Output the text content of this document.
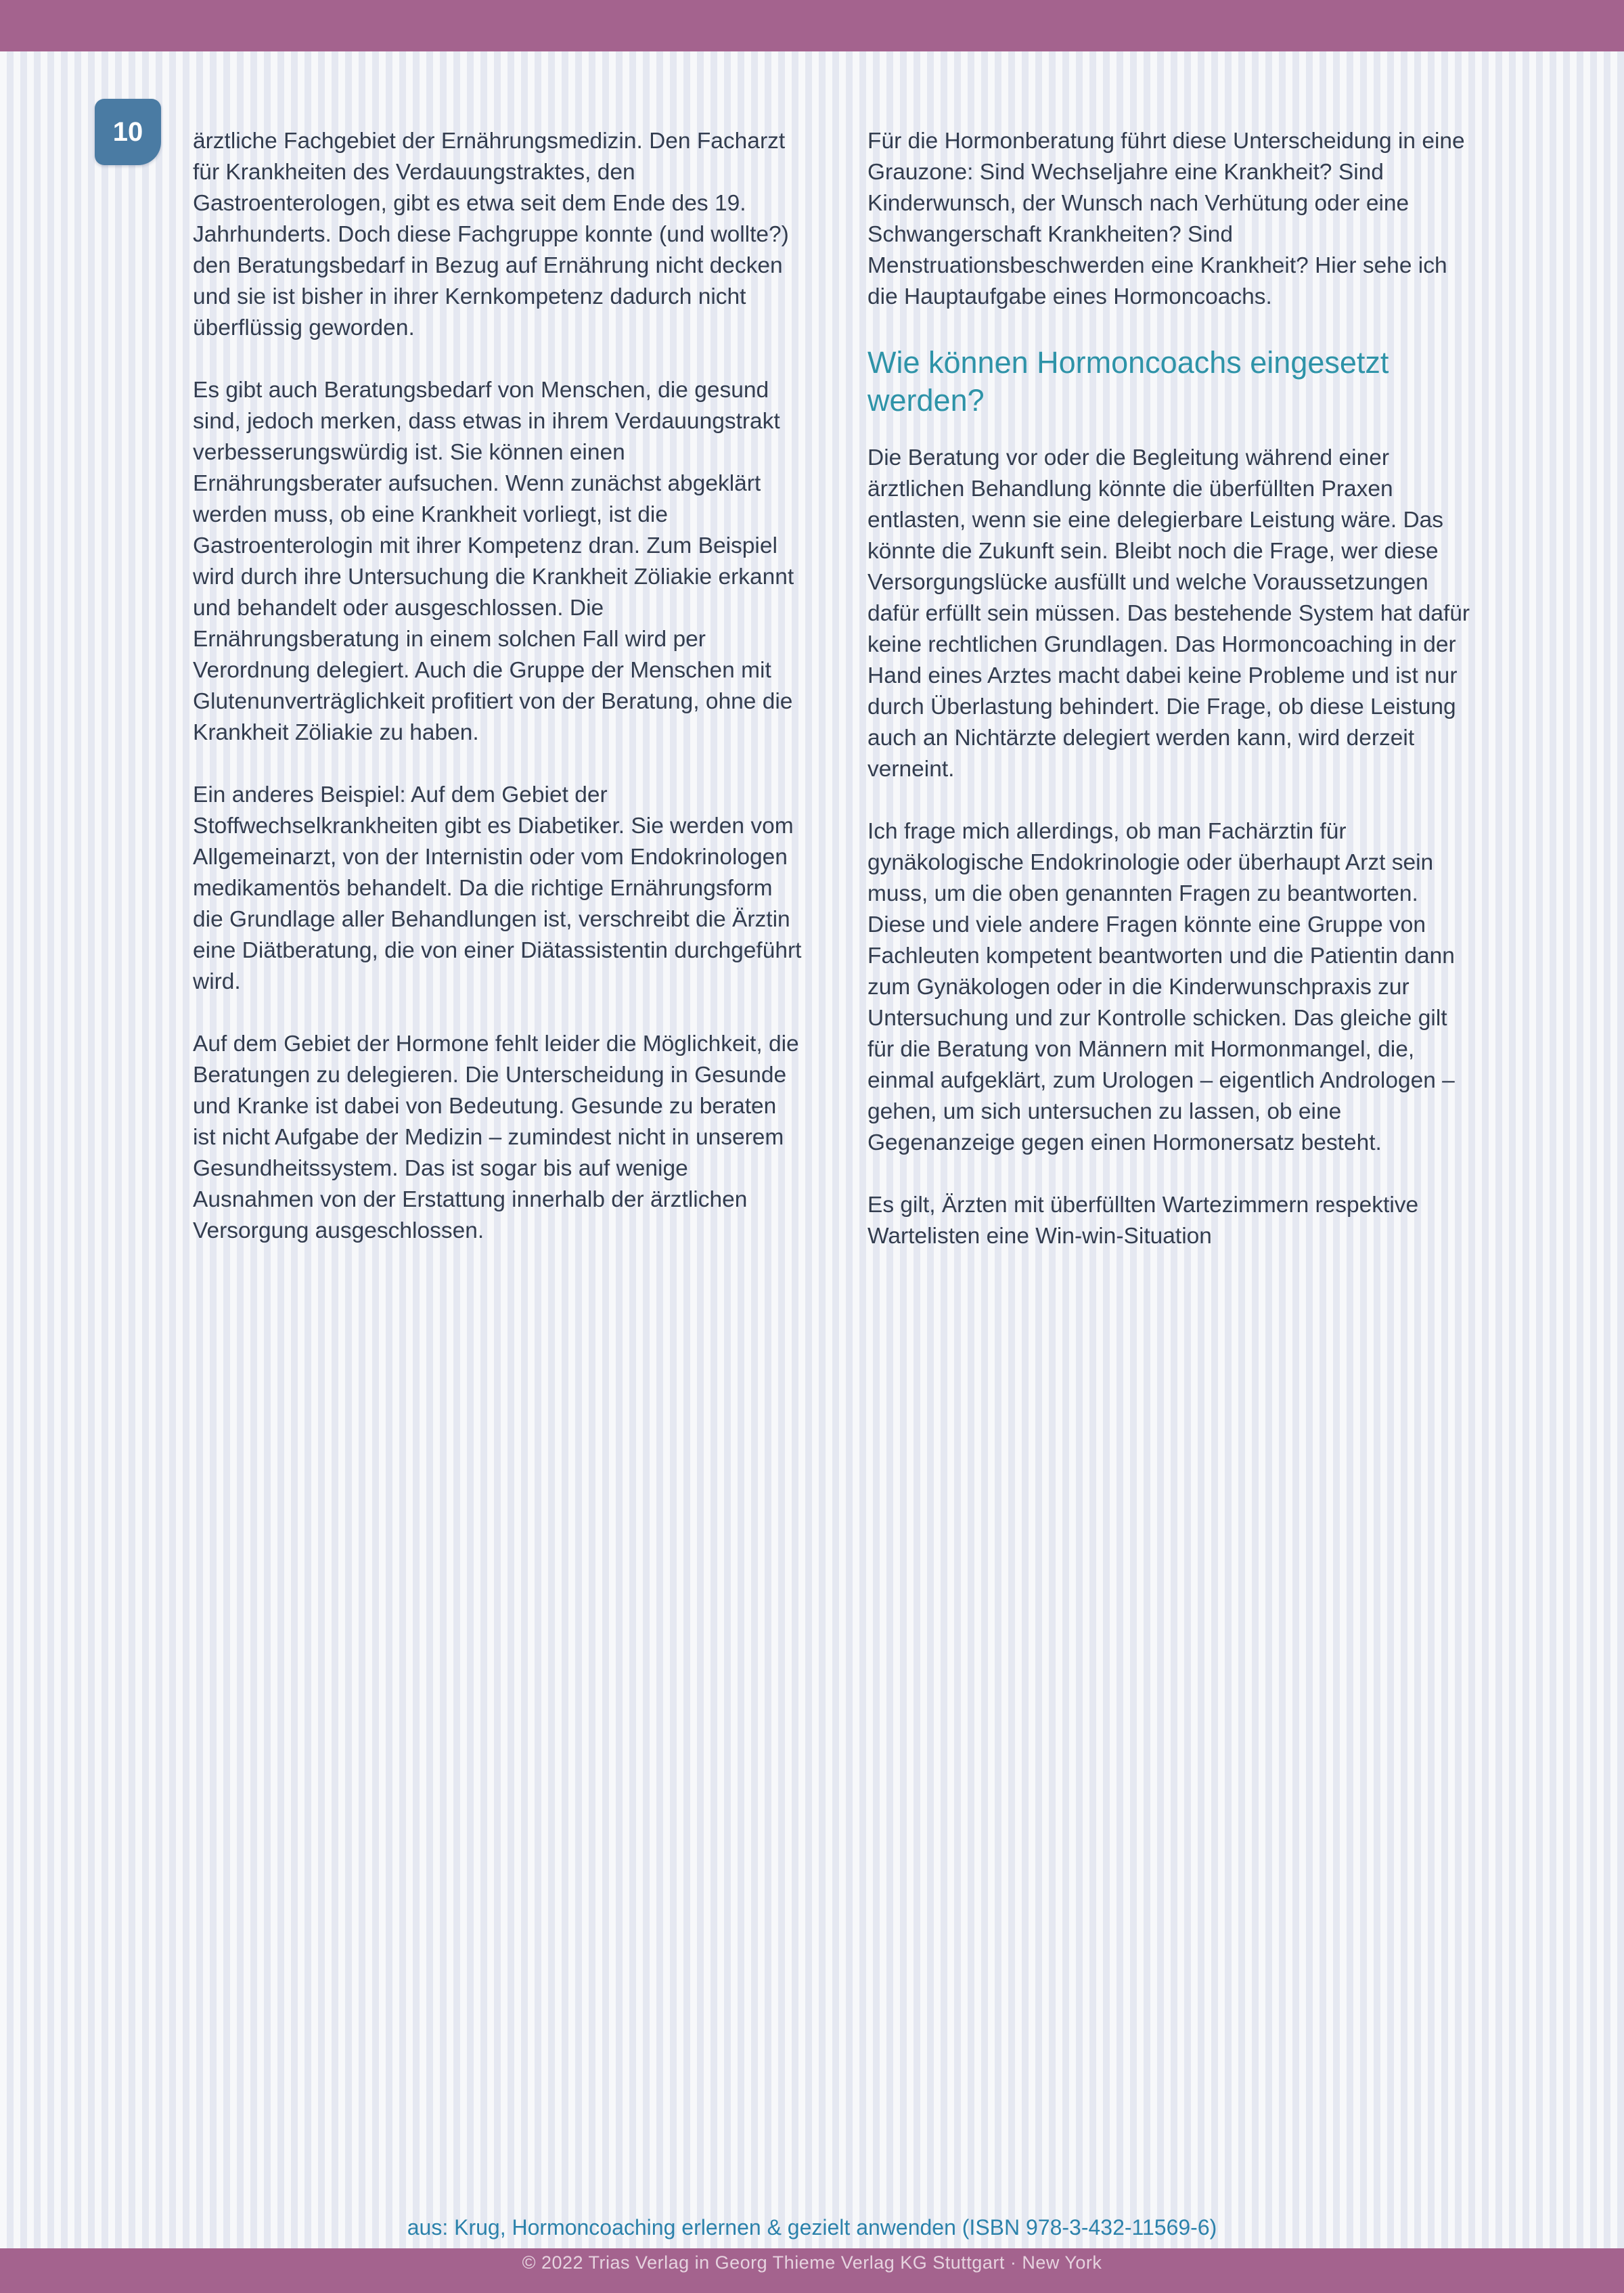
10 ärztliche Fachgebiet der Ernährungsmedizin. Den Facharzt für Krankheiten des Verdauungstraktes, den Gastroenterologen, gibt es etwa seit dem Ende des 19. Jahrhunderts. Doch diese Fachgruppe konnte (und wollte?) den Beratungsbedarf in Bezug auf Ernährung nicht decken und sie ist bisher in ihrer Kernkompetenz dadurch nicht überflüssig geworden.

Es gibt auch Beratungsbedarf von Menschen, die gesund sind, jedoch merken, dass etwas in ihrem Verdauungstrakt verbesserungswürdig ist. Sie können einen Ernährungsberater aufsuchen. Wenn zunächst abgeklärt werden muss, ob eine Krankheit vorliegt, ist die Gastroenterologin mit ihrer Kompetenz dran. Zum Beispiel wird durch ihre Untersuchung die Krankheit Zöliakie erkannt und behandelt oder ausgeschlossen. Die Ernährungsberatung in einem solchen Fall wird per Verordnung delegiert. Auch die Gruppe der Menschen mit Glutenunverträglichkeit profitiert von der Beratung, ohne die Krankheit Zöliakie zu haben.

Ein anderes Beispiel: Auf dem Gebiet der Stoffwechselkrankheiten gibt es Diabetiker. Sie werden vom Allgemeinarzt, von der Internistin oder vom Endokrinologen medikamentös behandelt. Da die richtige Ernährungsform die Grundlage aller Behandlungen ist, verschreibt die Ärztin eine Diätberatung, die von einer Diätassistentin durchgeführt wird.

Auf dem Gebiet der Hormone fehlt leider die Möglichkeit, die Beratungen zu delegieren. Die Unterscheidung in Gesunde und Kranke ist dabei von Bedeutung. Gesunde zu beraten ist nicht Aufgabe der Medizin – zumindest nicht in unserem Gesundheitssystem. Das ist sogar bis auf wenige Ausnahmen von der Erstattung innerhalb der ärztlichen Versorgung ausgeschlossen.

Für die Hormonberatung führt diese Unterscheidung in eine Grauzone: Sind Wechseljahre eine Krankheit? Sind Kinderwunsch, der Wunsch nach Verhütung oder eine Schwangerschaft Krankheiten? Sind Menstruationsbeschwerden eine Krankheit? Hier sehe ich die Hauptaufgabe eines Hormoncoachs.

Wie können Hormoncoachs eingesetzt werden?

Die Beratung vor oder die Begleitung während einer ärztlichen Behandlung könnte die überfüllten Praxen entlasten, wenn sie eine delegierbare Leistung wäre. Das könnte die Zukunft sein. Bleibt noch die Frage, wer diese Versorgungslücke ausfüllt und welche Voraussetzungen dafür erfüllt sein müssen. Das bestehende System hat dafür keine rechtlichen Grundlagen. Das Hormoncoaching in der Hand eines Arztes macht dabei keine Probleme und ist nur durch Überlastung behindert. Die Frage, ob diese Leistung auch an Nichtärzte delegiert werden kann, wird derzeit verneint.

Ich frage mich allerdings, ob man Fachärztin für gynäkologische Endokrinologie oder überhaupt Arzt sein muss, um die oben genannten Fragen zu beantworten. Diese und viele andere Fragen könnte eine Gruppe von Fachleuten kompetent beantworten und die Patientin dann zum Gynäkologen oder in die Kinderwunschpraxis zur Untersuchung und zur Kontrolle schicken. Das gleiche gilt für die Beratung von Männern mit Hormonmangel, die, einmal aufgeklärt, zum Urologen – eigentlich Andrologen – gehen, um sich untersuchen zu lassen, ob eine Gegenanzeige gegen einen Hormonersatz besteht.

Es gilt, Ärzten mit überfüllten Wartezimmern respektive Wartelisten eine Win-win-Situation

aus: Krug, Hormoncoaching erlernen & gezielt anwenden (ISBN 978-3-432-11569-6)
© 2022 Trias Verlag in Georg Thieme Verlag KG Stuttgart · New York
